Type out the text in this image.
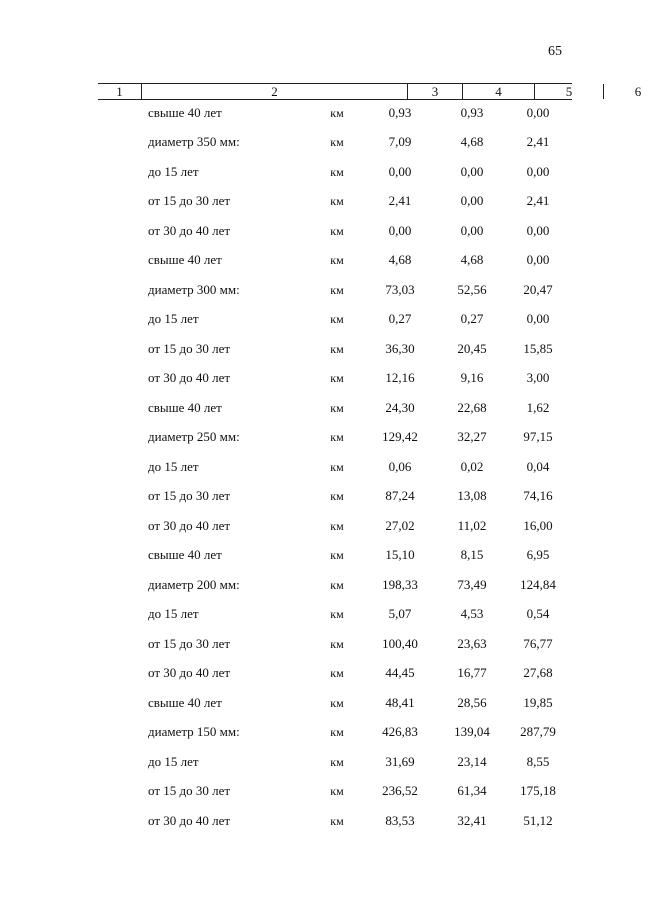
65
1	2	3	4	5	6
свыше 40 лет	км	0,93	0,93	0,00
диаметр 350 мм:	км	7,09	4,68	2,41
до 15 лет	км	0,00	0,00	0,00
от 15 до 30 лет	км	2,41	0,00	2,41
от 30 до 40 лет	км	0,00	0,00	0,00
свыше 40 лет	км	4,68	4,68	0,00
диаметр 300 мм:	км	73,03	52,56	20,47
до 15 лет	км	0,27	0,27	0,00
от 15 до 30 лет	км	36,30	20,45	15,85
от 30 до 40 лет	км	12,16	9,16	3,00
свыше 40 лет	км	24,30	22,68	1,62
диаметр 250 мм:	км	129,42	32,27	97,15
до 15 лет	км	0,06	0,02	0,04
от 15 до 30 лет	км	87,24	13,08	74,16
от 30 до 40 лет	км	27,02	11,02	16,00
свыше 40 лет	км	15,10	8,15	6,95
диаметр 200 мм:	км	198,33	73,49	124,84
до 15 лет	км	5,07	4,53	0,54
от 15 до 30 лет	км	100,40	23,63	76,77
от 30 до 40 лет	км	44,45	16,77	27,68
свыше 40 лет	км	48,41	28,56	19,85
диаметр 150 мм:	км	426,83	139,04	287,79
до 15 лет	км	31,69	23,14	8,55
от 15 до 30 лет	км	236,52	61,34	175,18
от 30 до 40 лет	км	83,53	32,41	51,12
